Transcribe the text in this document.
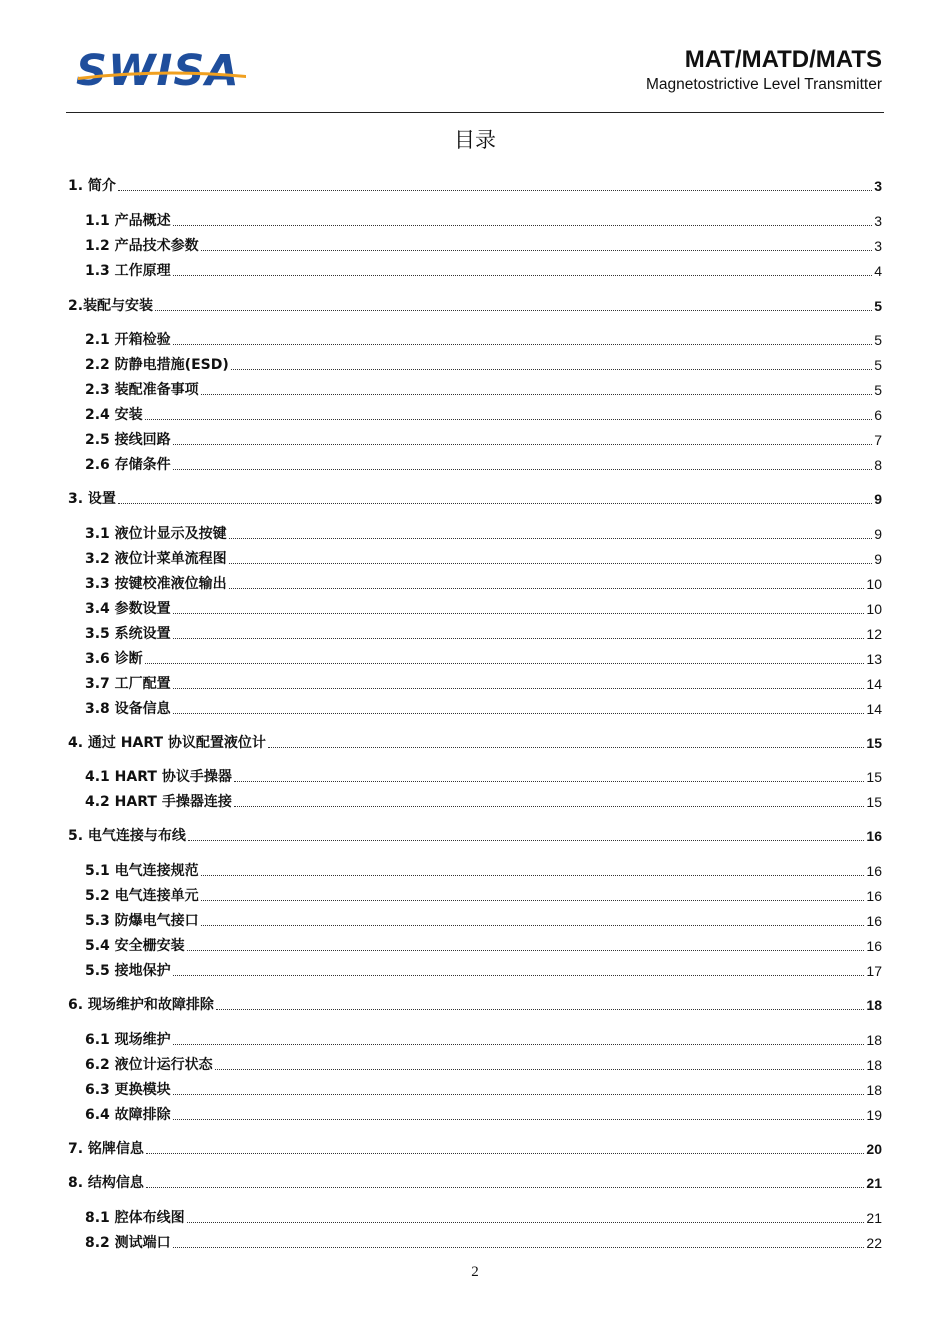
SWISA	MAT/MATD/MATS
Magnetostrictive Level Transmitter
目录
1. 简介	3
1.1 产品概述	3
1.2 产品技术参数	3
1.3 工作原理	4
2.装配与安装	5
2.1 开箱检验	5
2.2 防静电措施(ESD)	5
2.3 装配准备事项	5
2.4 安装	6
2.5 接线回路	7
2.6 存储条件	8
3. 设置	9
3.1 液位计显示及按键	9
3.2 液位计菜单流程图	9
3.3 按键校准液位输出	10
3.4 参数设置	10
3.5 系统设置	12
3.6 诊断	13
3.7 工厂配置	14
3.8 设备信息	14
4. 通过 HART 协议配置液位计	15
4.1 HART 协议手操器	15
4.2 HART 手操器连接	15
5. 电气连接与布线	16
5.1 电气连接规范	16
5.2 电气连接单元	16
5.3 防爆电气接口	16
5.4 安全栅安装	16
5.5 接地保护	17
6. 现场维护和故障排除	18
6.1 现场维护	18
6.2 液位计运行状态	18
6.3 更换模块	18
6.4 故障排除	19
7. 铭牌信息	20
8. 结构信息	21
8.1 腔体布线图	21
8.2 测试端口	22
2
